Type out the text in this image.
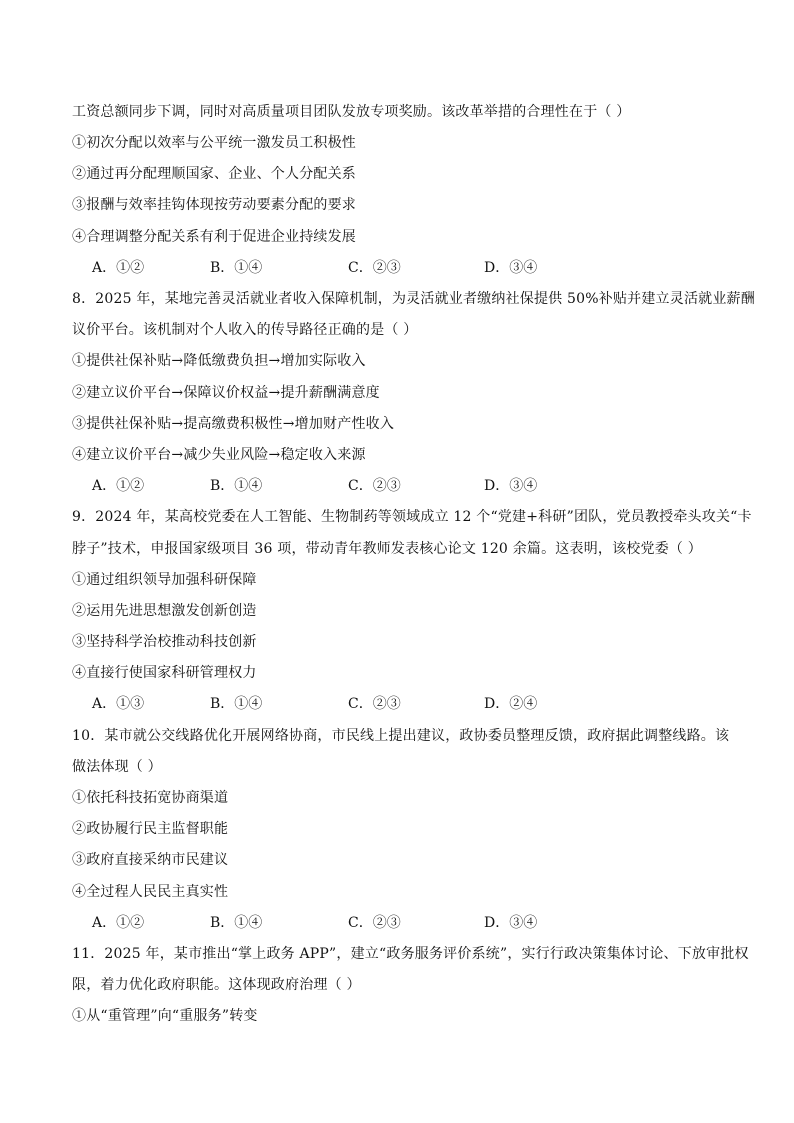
工资总额同步下调，同时对高质量项目团队发放专项奖励。该改革举措的合理性在于（ ）
①初次分配以效率与公平统一激发员工积极性
②通过再分配理顺国家、企业、个人分配关系
③报酬与效率挂钩体现按劳动要素分配的要求
④合理调整分配关系有利于促进企业持续发展
A．①②	B．①④	C．②③	D．③④
8．2025 年，某地完善灵活就业者收入保障机制，为灵活就业者缴纳社保提供 50%补贴并建立灵活就业薪酬
议价平台。该机制对个人收入的传导路径正确的是（ ）
①提供社保补贴→降低缴费负担→增加实际收入
②建立议价平台→保障议价权益→提升薪酬满意度
③提供社保补贴→提高缴费积极性→增加财产性收入
④建立议价平台→减少失业风险→稳定收入来源
A．①②	B．①④	C．②③	D．③④
9．2024 年，某高校党委在人工智能、生物制药等领域成立 12 个“党建+科研”团队，党员教授牵头攻关“卡
脖子”技术，申报国家级项目 36 项，带动青年教师发表核心论文 120 余篇。这表明，该校党委（ ）
①通过组织领导加强科研保障
②运用先进思想激发创新创造
③坚持科学治校推动科技创新
④直接行使国家科研管理权力
A．①③	B．①④	C．②③	D．②④
10．某市就公交线路优化开展网络协商，市民线上提出建议，政协委员整理反馈，政府据此调整线路。该
做法体现（ ）
①依托科技拓宽协商渠道
②政协履行民主监督职能
③政府直接采纳市民建议
④全过程人民民主真实性
A．①②	B．①④	C．②③	D．③④
11．2025 年，某市推出“掌上政务 APP”，建立“政务服务评价系统”，实行行政决策集体讨论、下放审批权
限，着力优化政府职能。这体现政府治理（ ）
①从“重管理”向“重服务”转变
